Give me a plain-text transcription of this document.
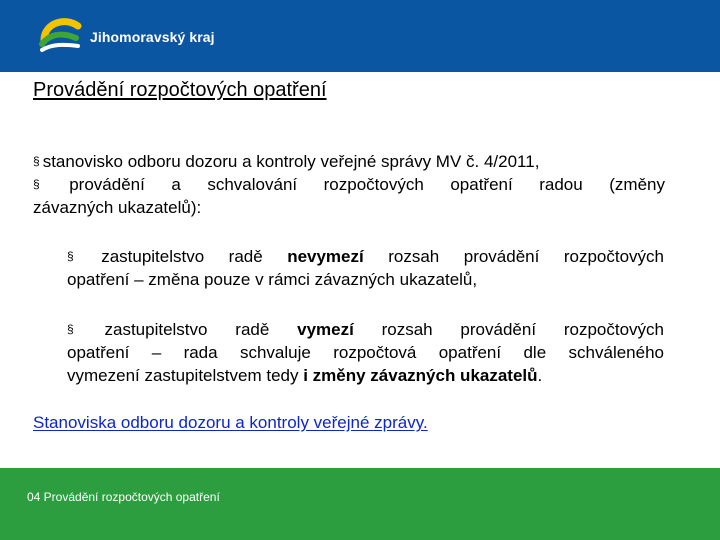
Jihomoravský kraj
Provádění rozpočtových opatření
§ stanovisko odboru dozoru a kontroly veřejné správy MV č. 4/2011,
§ provádění a schvalování rozpočtových opatření radou (změny
závazných ukazatelů):
§ zastupitelstvo radě nevymezí rozsah provádění rozpočtových
opatření – změna pouze v rámci závazných ukazatelů,
§ zastupitelstvo radě vymezí rozsah provádění rozpočtových
opatření – rada schvaluje rozpočtová opatření dle schváleného
vymezení zastupitelstvem tedy i změny závazných ukazatelů.
Stanoviska odboru dozoru a kontroly veřejné zprávy.
04 Provádění rozpočtových opatření
